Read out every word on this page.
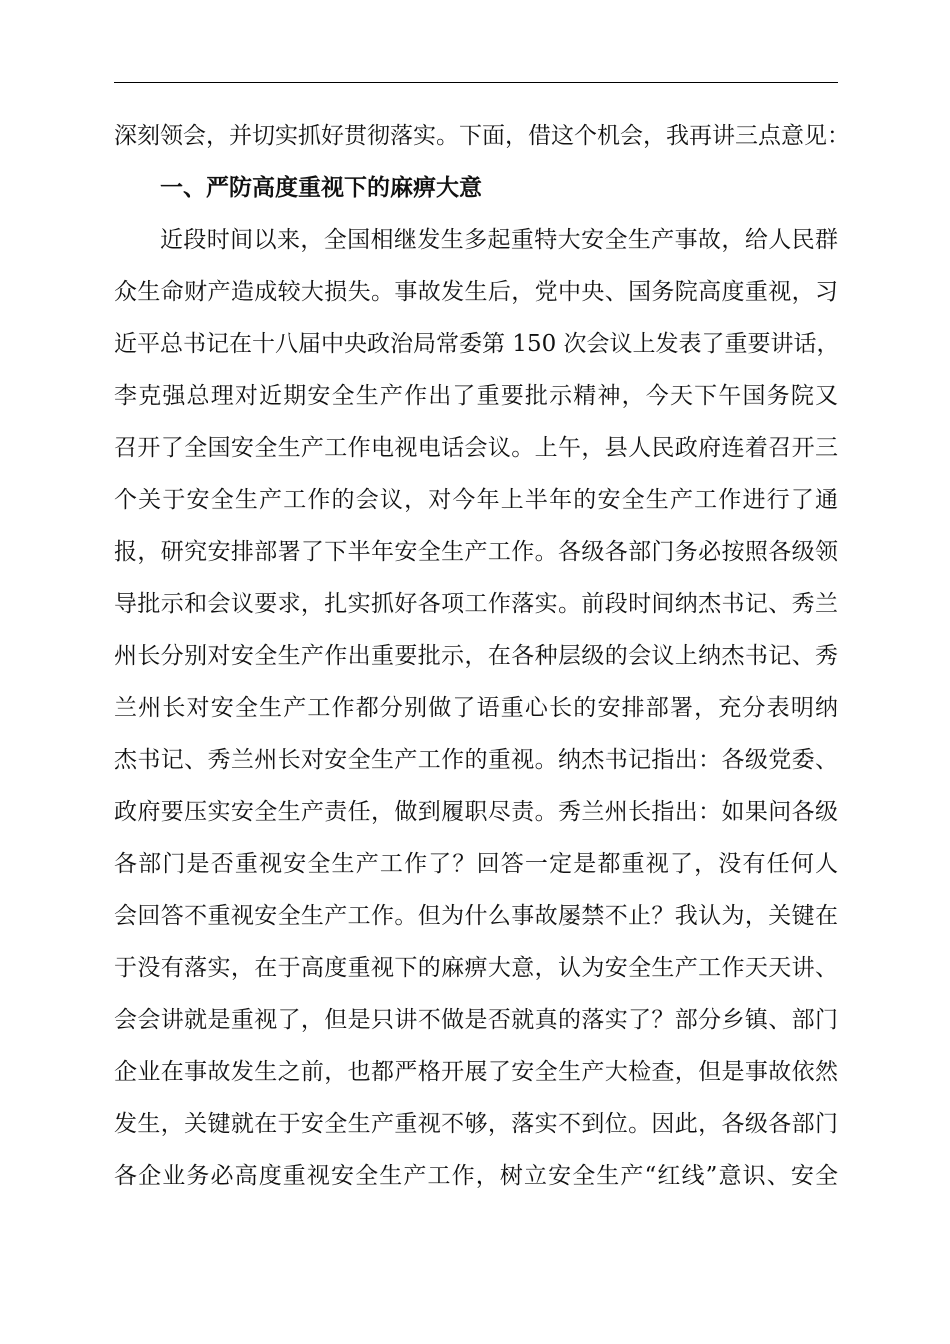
深刻领会，并切实抓好贯彻落实。下面，借这个机会，我再讲三点意见：
一、严防高度重视下的麻痹大意
近段时间以来，全国相继发生多起重特大安全生产事故，给人民群
众生命财产造成较大损失。事故发生后，党中央、国务院高度重视，习
近平总书记在十八届中央政治局常委第 150 次会议上发表了重要讲话，
李克强总理对近期安全生产作出了重要批示精神，今天下午国务院又
召开了全国安全生产工作电视电话会议。上午，县人民政府连着召开三
个关于安全生产工作的会议，对今年上半年的安全生产工作进行了通
报，研究安排部署了下半年安全生产工作。各级各部门务必按照各级领
导批示和会议要求，扎实抓好各项工作落实。前段时间纳杰书记、秀兰
州长分别对安全生产作出重要批示，在各种层级的会议上纳杰书记、秀
兰州长对安全生产工作都分别做了语重心长的安排部署，充分表明纳
杰书记、秀兰州长对安全生产工作的重视。纳杰书记指出：各级党委、
政府要压实安全生产责任，做到履职尽责。秀兰州长指出：如果问各级
各部门是否重视安全生产工作了？回答一定是都重视了，没有任何人
会回答不重视安全生产工作。但为什么事故屡禁不止？我认为，关键在
于没有落实，在于高度重视下的麻痹大意，认为安全生产工作天天讲、
会会讲就是重视了，但是只讲不做是否就真的落实了？部分乡镇、部门
企业在事故发生之前，也都严格开展了安全生产大检查，但是事故依然
发生，关键就在于安全生产重视不够，落实不到位。因此，各级各部门
各企业务必高度重视安全生产工作，树立安全生产“红线”意识、安全
